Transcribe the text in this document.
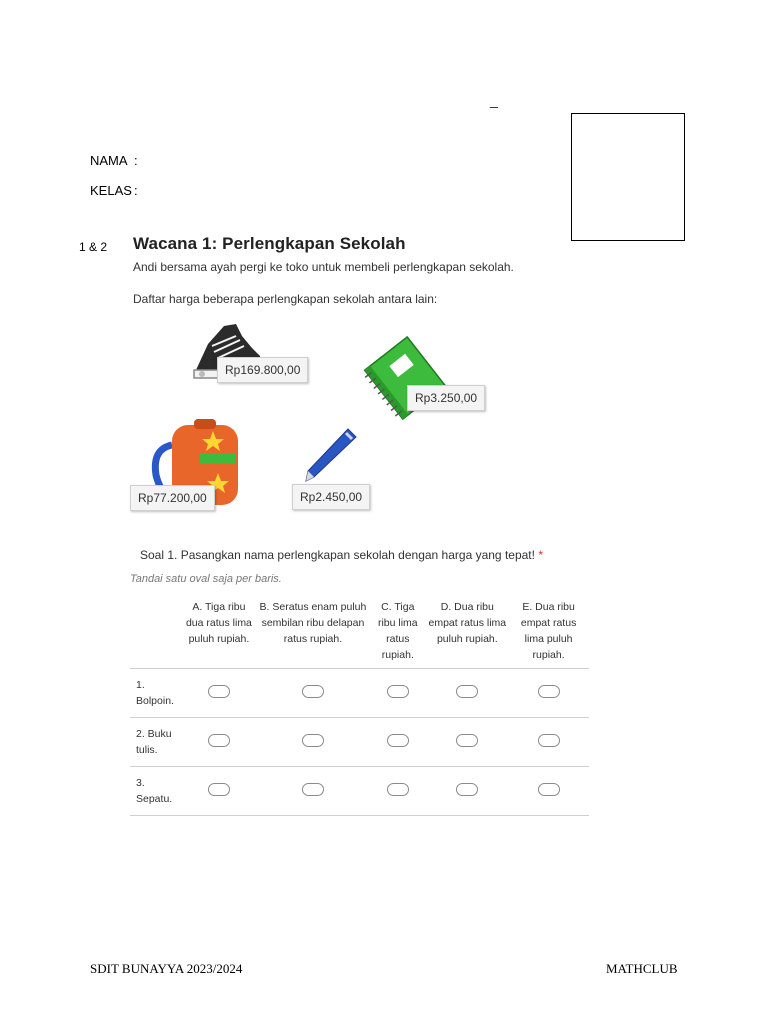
_
NAMA :
KELAS :
1 & 2 Wacana 1: Perlengkapan Sekolah
Andi bersama ayah pergi ke toko untuk membeli perlengkapan sekolah.
Daftar harga beberapa perlengkapan sekolah antara lain:
Rp169.800,00
Rp3.250,00
Rp77.200,00	Rp2.450,00
Soal 1. Pasangkan nama perlengkapan sekolah dengan harga yang tepat! *
Tandai satu oval saja per baris.
	A. Tiga ribu dua ratus lima puluh rupiah.	B. Seratus enam puluh sembilan ribu delapan ratus rupiah.	C. Tiga ribu lima ratus rupiah.	D. Dua ribu empat ratus lima puluh rupiah.	E. Dua ribu empat ratus lima puluh rupiah.
1. Bolpoin.					
2. Buku tulis.					
3. Sepatu.					
SDIT BUNAYYA 2023/2024	MATHCLUB
